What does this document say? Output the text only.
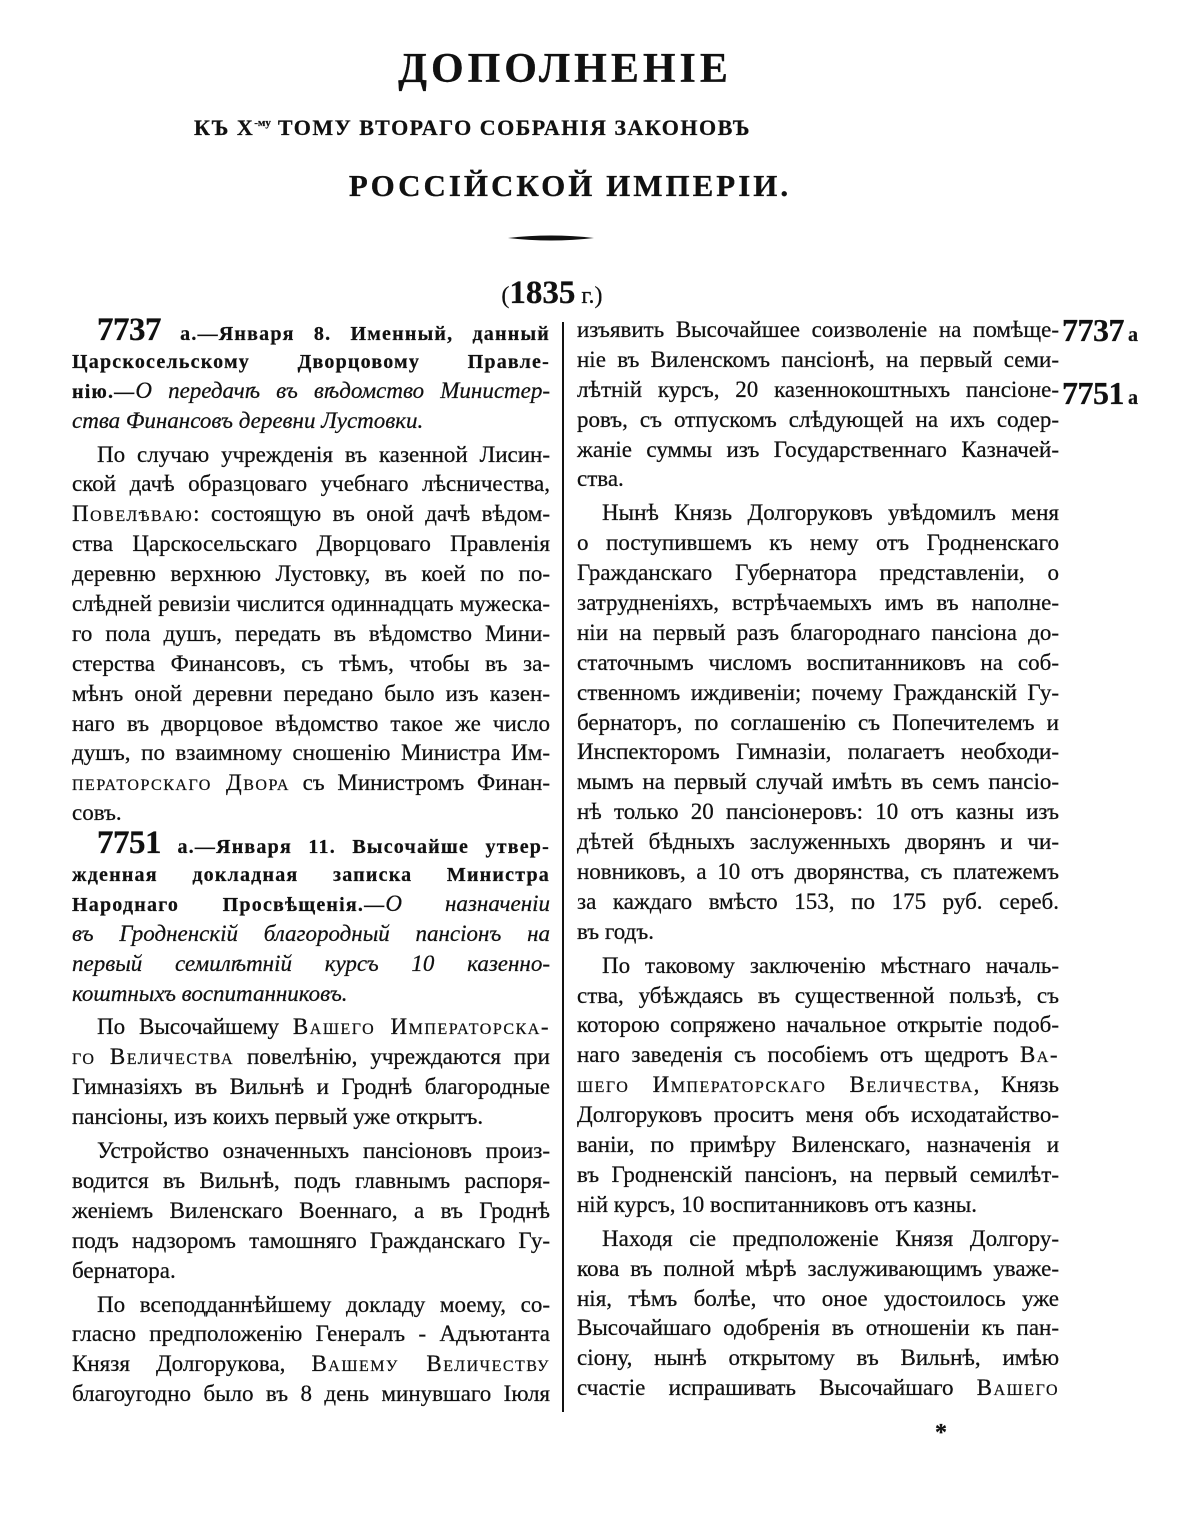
ДОПОЛНЕНІЕ
КЪ $X^{-му}$ ТОМУ ВТОРАГО СОБРАНІЯ ЗАКОНОВЪ
РОССІЙСКОЙ ИМПЕРІИ.
(1835 г.)
7737 а.—Января 8. Именный, данный
Царскосельскому Дворцовому Правле-
нію.—О передачѣ въ вѣдомство Министер-
ства Финансовъ деревни Лустовки.
По случаю учрежденія въ казенной Лисин-
ской дачѣ образцоваго учебнаго лѣсничества,
Повелѣваю: состоящую въ оной дачѣ вѣдом-
ства Царскосельскаго Дворцоваго Правленія
деревню верхнюю Лустовку, въ коей по по-
слѣдней ревизіи числится одиннадцать мужеска-
го пола душъ, передать въ вѣдомство Мини-
стерства Финансовъ, съ тѣмъ, чтобы въ за-
мѣнъ оной деревни передано было изъ казен-
наго въ дворцовое вѣдомство такое же число
душъ, по взаимному сношенію Министра Им-
ператорскаго Двора съ Министромъ Финан-
совъ.
7751 а.—Января 11. Высочайше утвер-
жденная докладная записка Министра
Народнаго Просвѣщенія.—О назначеніи
въ Гродненскій благородный пансіонъ на
первый семилѣтній курсъ 10 казенно-
коштныхъ воспитанниковъ.
По Высочайшему Вашего Императорска-
го Величества повелѣнію, учреждаются при
Гимназіяхъ въ Вильнѣ и Гроднѣ благородные
пансіоны, изъ коихъ первый уже открытъ.
Устройство означенныхъ пансіоновъ произ-
водится въ Вильнѣ, подъ главнымъ распоря-
женіемъ Виленскаго Военнаго, а въ Гроднѣ
подъ надзоромъ тамошняго Гражданскаго Гу-
бернатора.
По всеподданнѣйшему докладу моему, со-
гласно предположенію Генералъ - Адъютанта
Князя Долгорукова, Вашему Величеству
благоугодно было въ 8 день минувшаго Іюля
изъявить Высочайшее соизволеніе на помѣще-
ніе въ Виленскомъ пансіонѣ, на первый семи-
лѣтній курсъ, 20 казеннокоштныхъ пансіоне-
ровъ, съ отпускомъ слѣдующей на ихъ содер-
жаніе суммы изъ Государственнаго Казначей-
ства.
Нынѣ Князь Долгоруковъ увѣдомилъ меня
о поступившемъ къ нему отъ Гродненскаго
Гражданскаго Губернатора представленіи, о
затрудненіяхъ, встрѣчаемыхъ имъ въ наполне-
ніи на первый разъ благороднаго пансіона до-
статочнымъ числомъ воспитанниковъ на соб-
ственномъ иждивеніи; почему Гражданскій Гу-
бернаторъ, по соглашенію съ Попечителемъ и
Инспекторомъ Гимназіи, полагаетъ необходи-
мымъ на первый случай имѣть въ семъ пансіо-
нѣ только 20 пансіонеровъ: 10 отъ казны изъ
дѣтей бѣдныхъ заслуженныхъ дворянъ и чи-
новниковъ, а 10 отъ дворянства, съ платежемъ
за каждаго вмѣсто 153, по 175 руб. сереб.
въ годъ.
По таковому заключенію мѣстнаго началь-
ства, убѣждаясь въ существенной пользѣ, съ
которою сопряжено начальное открытіе подоб-
наго заведенія съ пособіемъ отъ щедротъ Ва-
шего Императорскаго Величества, Князь
Долгоруковъ проситъ меня объ исходатайство-
ваніи, по примѣру Виленскаго, назначенія и
въ Гродненскій пансіонъ, на первый семилѣт-
ній курсъ, 10 воспитанниковъ отъ казны.
Находя сіе предположеніе Князя Долгору-
кова въ полной мѣрѣ заслуживающимъ уваже-
нія, тѣмъ болѣе, что оное удостоилось уже
Высочайшаго одобренія въ отношеніи къ пан-
сіону, нынѣ открытому въ Вильнѣ, имѣю
счастіе испрашивать Высочайшаго Вашего
7737 а
7751 а
*
